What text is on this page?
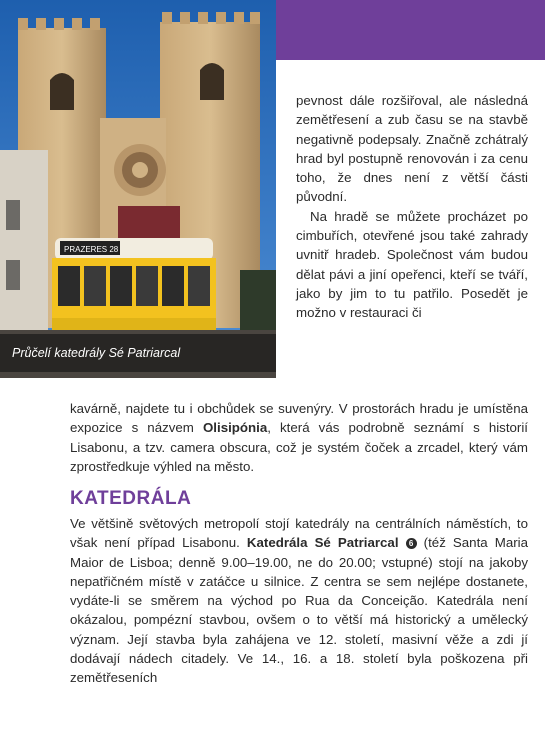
PRAZERES 28
Průčelí katedrály Sé Patriarcal

pevnost dále rozšiřoval, ale následná zemětřesení a zub času se na stavbě negativně podepsaly. Značně zchátralý hrad byl postupně renovován i za cenu toho, že dnes není z větší části původní.

Na hradě se můžete procházet po cimbuřích, otevřené jsou také zahrady uvnitř hradeb. Společnost vám budou dělat pávi a jiní opeřenci, kteří se tváří, jako by jim to tu patřilo. Posedět je možno v restauraci či

kavárně, najdete tu i obchůdek se suvenýry. V prostorách hradu je umístěna expozice s názvem Olisipónia, která vás podrobně seznámí s historií Lisabonu, a tzv. camera obscura, což je systém čoček a zrcadel, který vám zprostředkuje výhled na město.

KATEDRÁLA

Ve většině světových metropolí stojí katedrály na centrálních náměstích, to však není případ Lisabonu. Katedrála Sé Patriarcal 6 (též Santa Maria Maior de Lisboa; denně 9.00–19.00, ne do 20.00; vstupné) stojí na jakoby nepatřičném místě v zatáčce u silnice. Z centra se sem nejlépe dostanete, vydáte-li se směrem na východ po Rua da Conceição. Katedrála není okázalou, pompézní stavbou, ovšem o to větší má historický a umělecký význam. Její stavba byla zahájena ve 12. století, masivní věže a zdi jí dodávají nádech citadely. Ve 14., 16. a 18. století byla poškozena při zemětřeseních
